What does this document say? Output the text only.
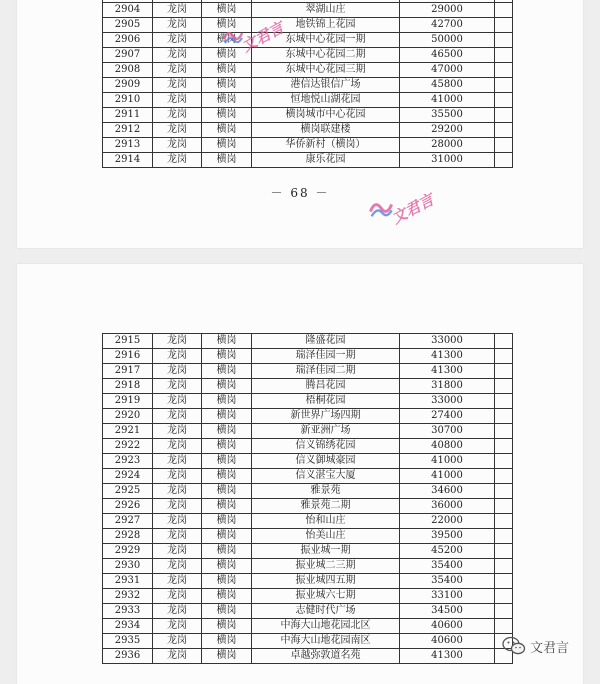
2904	龙岗	横岗	翠湖山庄	29000	
2905	龙岗	横岗	地铁锦上花园	42700	
2906	龙岗	横岗	东城中心花园一期	50000	
2907	龙岗	横岗	东城中心花园二期	46500	
2908	龙岗	横岗	东城中心花园三期	47000	
2909	龙岗	横岗	港信达银信广场	45800	
2910	龙岗	横岗	恒地悦山湖花园	41000	
2911	龙岗	横岗	横岗城市中心花园	35500	
2912	龙岗	横岗	横岗联建楼	29200	
2913	龙岗	横岗	华侨新村（横岗）	28000	
2914	龙岗	横岗	康乐花园	31000	
－ 68 －
2915	龙岗	横岗	隆盛花园	33000	
2916	龙岗	横岗	瑞泽佳园一期	41300	
2917	龙岗	横岗	瑞泽佳园二期	41300	
2918	龙岗	横岗	腾昌花园	31800	
2919	龙岗	横岗	梧桐花园	33000	
2920	龙岗	横岗	新世界广场四期	27400	
2921	龙岗	横岗	新亚洲广场	30700	
2922	龙岗	横岗	信义锦绣花园	40800	
2923	龙岗	横岗	信义御城豪园	41000	
2924	龙岗	横岗	信义湛宝大厦	41000	
2925	龙岗	横岗	雅景苑	34600	
2926	龙岗	横岗	雅景苑二期	36000	
2927	龙岗	横岗	怡和山庄	22000	
2928	龙岗	横岗	怡美山庄	39500	
2929	龙岗	横岗	振业城一期	45200	
2930	龙岗	横岗	振业城二三期	35400	
2931	龙岗	横岗	振业城四五期	35400	
2932	龙岗	横岗	振业城六七期	33100	
2933	龙岗	横岗	志健时代广场	34500	
2934	龙岗	横岗	中海大山地花园北区	40600	
2935	龙岗	横岗	中海大山地花园南区	40600	
2936	龙岗	横岗	卓越弥敦道名苑	41300	
文君言
文君言
文君言
